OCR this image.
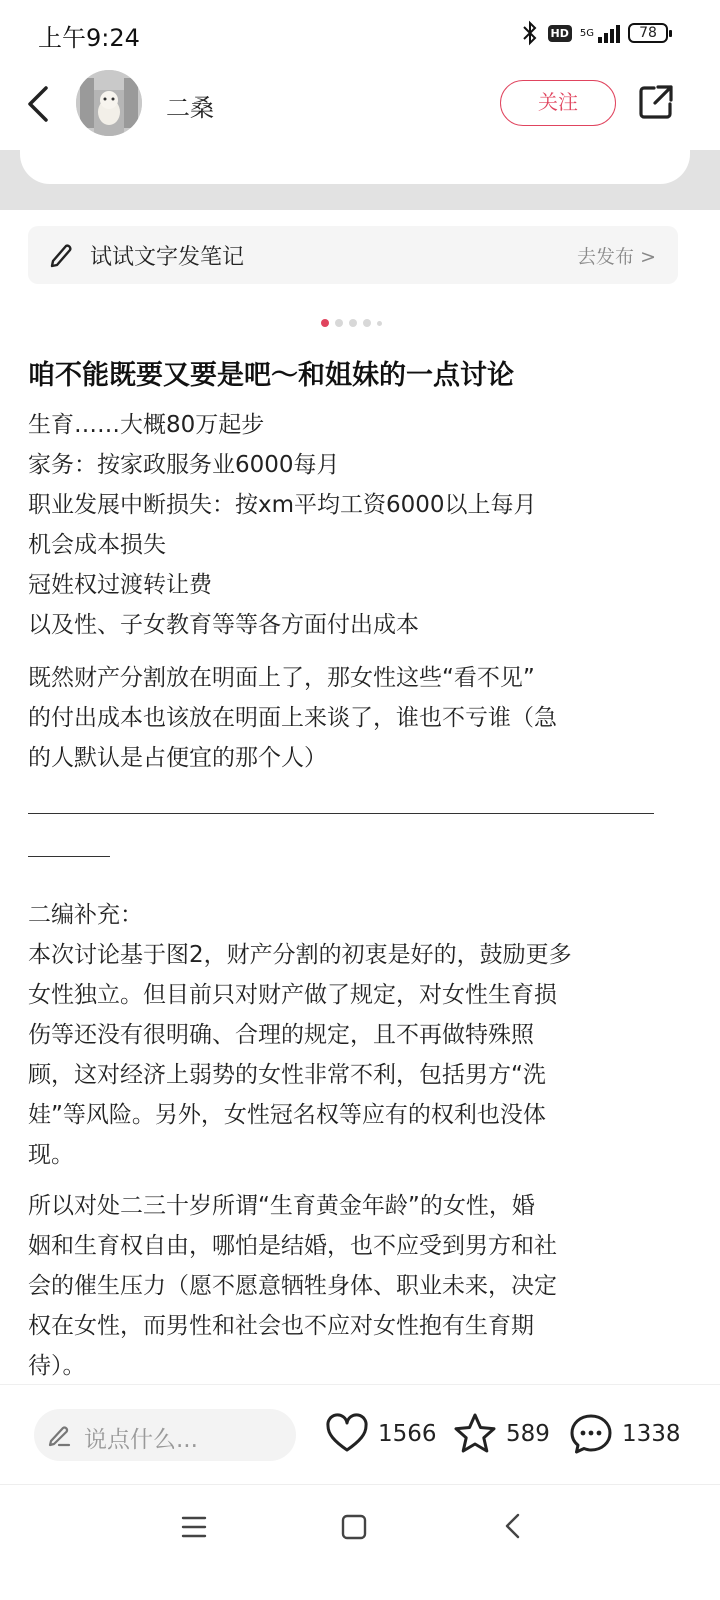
上午9:24	HD	5G	78
二桑	关注
试试文字发笔记	去发布 >
咱不能既要又要是吧～和姐妹的一点讨论

生育……大概80万起步

家务：按家政服务业6000每月

职业发展中断损失：按xm平均工资6000以上每月

机会成本损失

冠姓权过渡转让费

以及性、子女教育等等各方面付出成本

既然财产分割放在明面上了，那女性这些“看不见”

的付出成本也该放在明面上来谈了，谁也不亏谁（急

的人默认是占便宜的那个人）

二编补充：

本次讨论基于图2，财产分割的初衷是好的，鼓励更多

女性独立。但目前只对财产做了规定，对女性生育损

伤等还没有很明确、合理的规定，且不再做特殊照

顾，这对经济上弱势的女性非常不利，包括男方“洗

娃”等风险。另外，女性冠名权等应有的权利也没体

现。

所以对处二三十岁所谓“生育黄金年龄”的女性，婚

姻和生育权自由，哪怕是结婚，也不应受到男方和社

会的催生压力（愿不愿意牺牲身体、职业未来，决定

权在女性，而男性和社会也不应对女性抱有生育期

待）。

说点什么...	1566	589	1338
